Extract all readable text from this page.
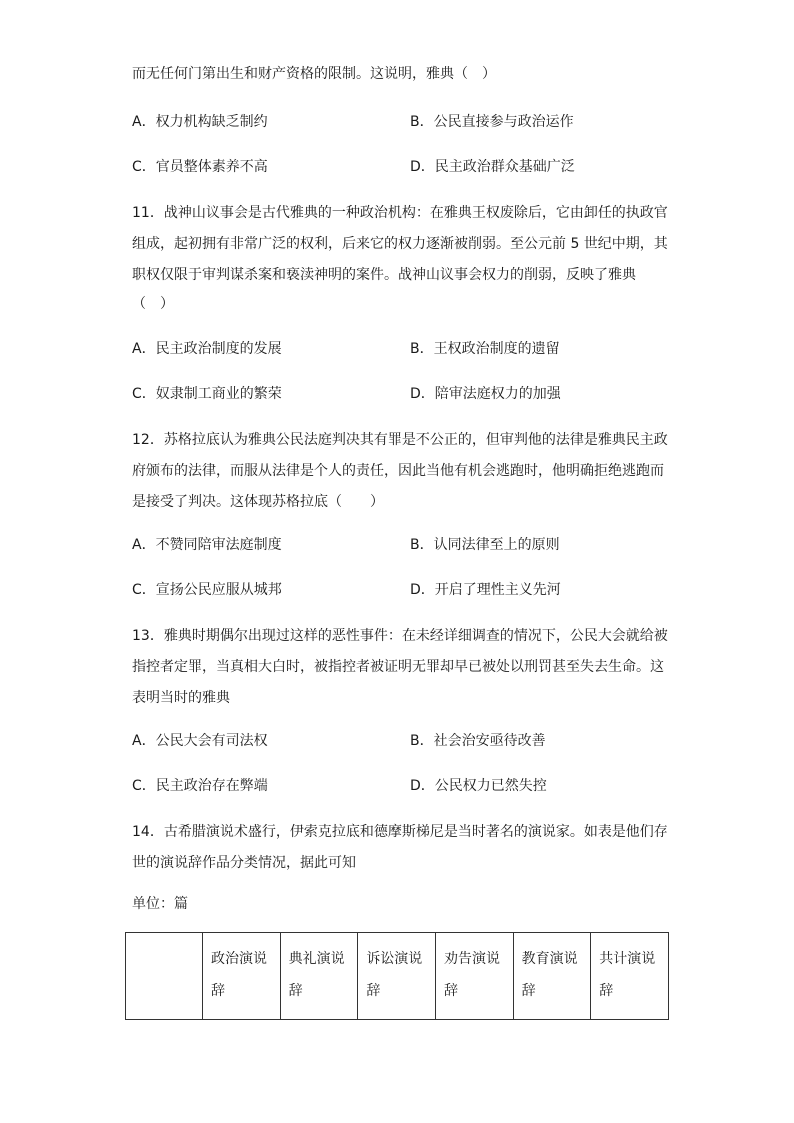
而无任何门第出生和财产资格的限制。这说明，雅典（　）
11．战神山议事会是古代雅典的一种政治机构：在雅典王权废除后，它由卸任的执政官
组成，起初拥有非常广泛的权利，后来它的权力逐渐被削弱。至公元前 5 世纪中期，其
职权仅限于审判谋杀案和亵渎神明的案件。战神山议事会权力的削弱，反映了雅典
（　）
12．苏格拉底认为雅典公民法庭判决其有罪是不公正的，但审判他的法律是雅典民主政
府颁布的法律，而服从法律是个人的责任，因此当他有机会逃跑时，他明确拒绝逃跑而
是接受了判决。这体现苏格拉底（　　）
13．雅典时期偶尔出现过这样的恶性事件：在未经详细调查的情况下，公民大会就给被
指控者定罪，当真相大白时，被指控者被证明无罪却早已被处以刑罚甚至失去生命。这
表明当时的雅典
14．古希腊演说术盛行，伊索克拉底和德摩斯梯尼是当时著名的演说家。如表是他们存
世的演说辞作品分类情况，据此可知
单位：篇
A．权力机构缺乏制约	B．公民直接参与政治运作
C．官员整体素养不高	D．民主政治群众基础广泛
A．民主政治制度的发展	B．王权政治制度的遗留
C．奴隶制工商业的繁荣	D．陪审法庭权力的加强
A．不赞同陪审法庭制度	B．认同法律至上的原则
C．宣扬公民应服从城邦	D．开启了理性主义先河
A．公民大会有司法权	B．社会治安亟待改善
C．民主政治存在弊端	D．公民权力已然失控
	政治演说辞	典礼演说辞	诉讼演说辞	劝告演说辞	教育演说辞	共计演说辞
